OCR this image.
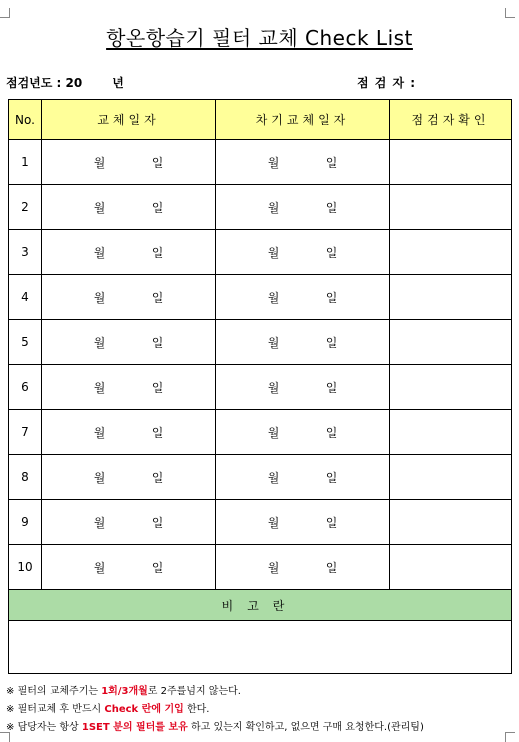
항온항습기 필터 교체 Check List
점검년도 : 20	년	점 검 자 :
No.	교체일자	차기교체일자	점검자확인
1	월 일	월 일	
2	월 일	월 일	
3	월 일	월 일	
4	월 일	월 일	
5	월 일	월 일	
6	월 일	월 일	
7	월 일	월 일	
8	월 일	월 일	
9	월 일	월 일	
10	월 일	월 일	
비고란			

※ 필터의 교체주기는 1회/3개월로 2주를넘지 않는다.
※ 필터교체 후 반드시 Check 란에 기입 한다.
※ 담당자는 항상 1SET 분의 필터를 보유 하고 있는지 확인하고, 없으면 구매 요청한다.(관리팀)
